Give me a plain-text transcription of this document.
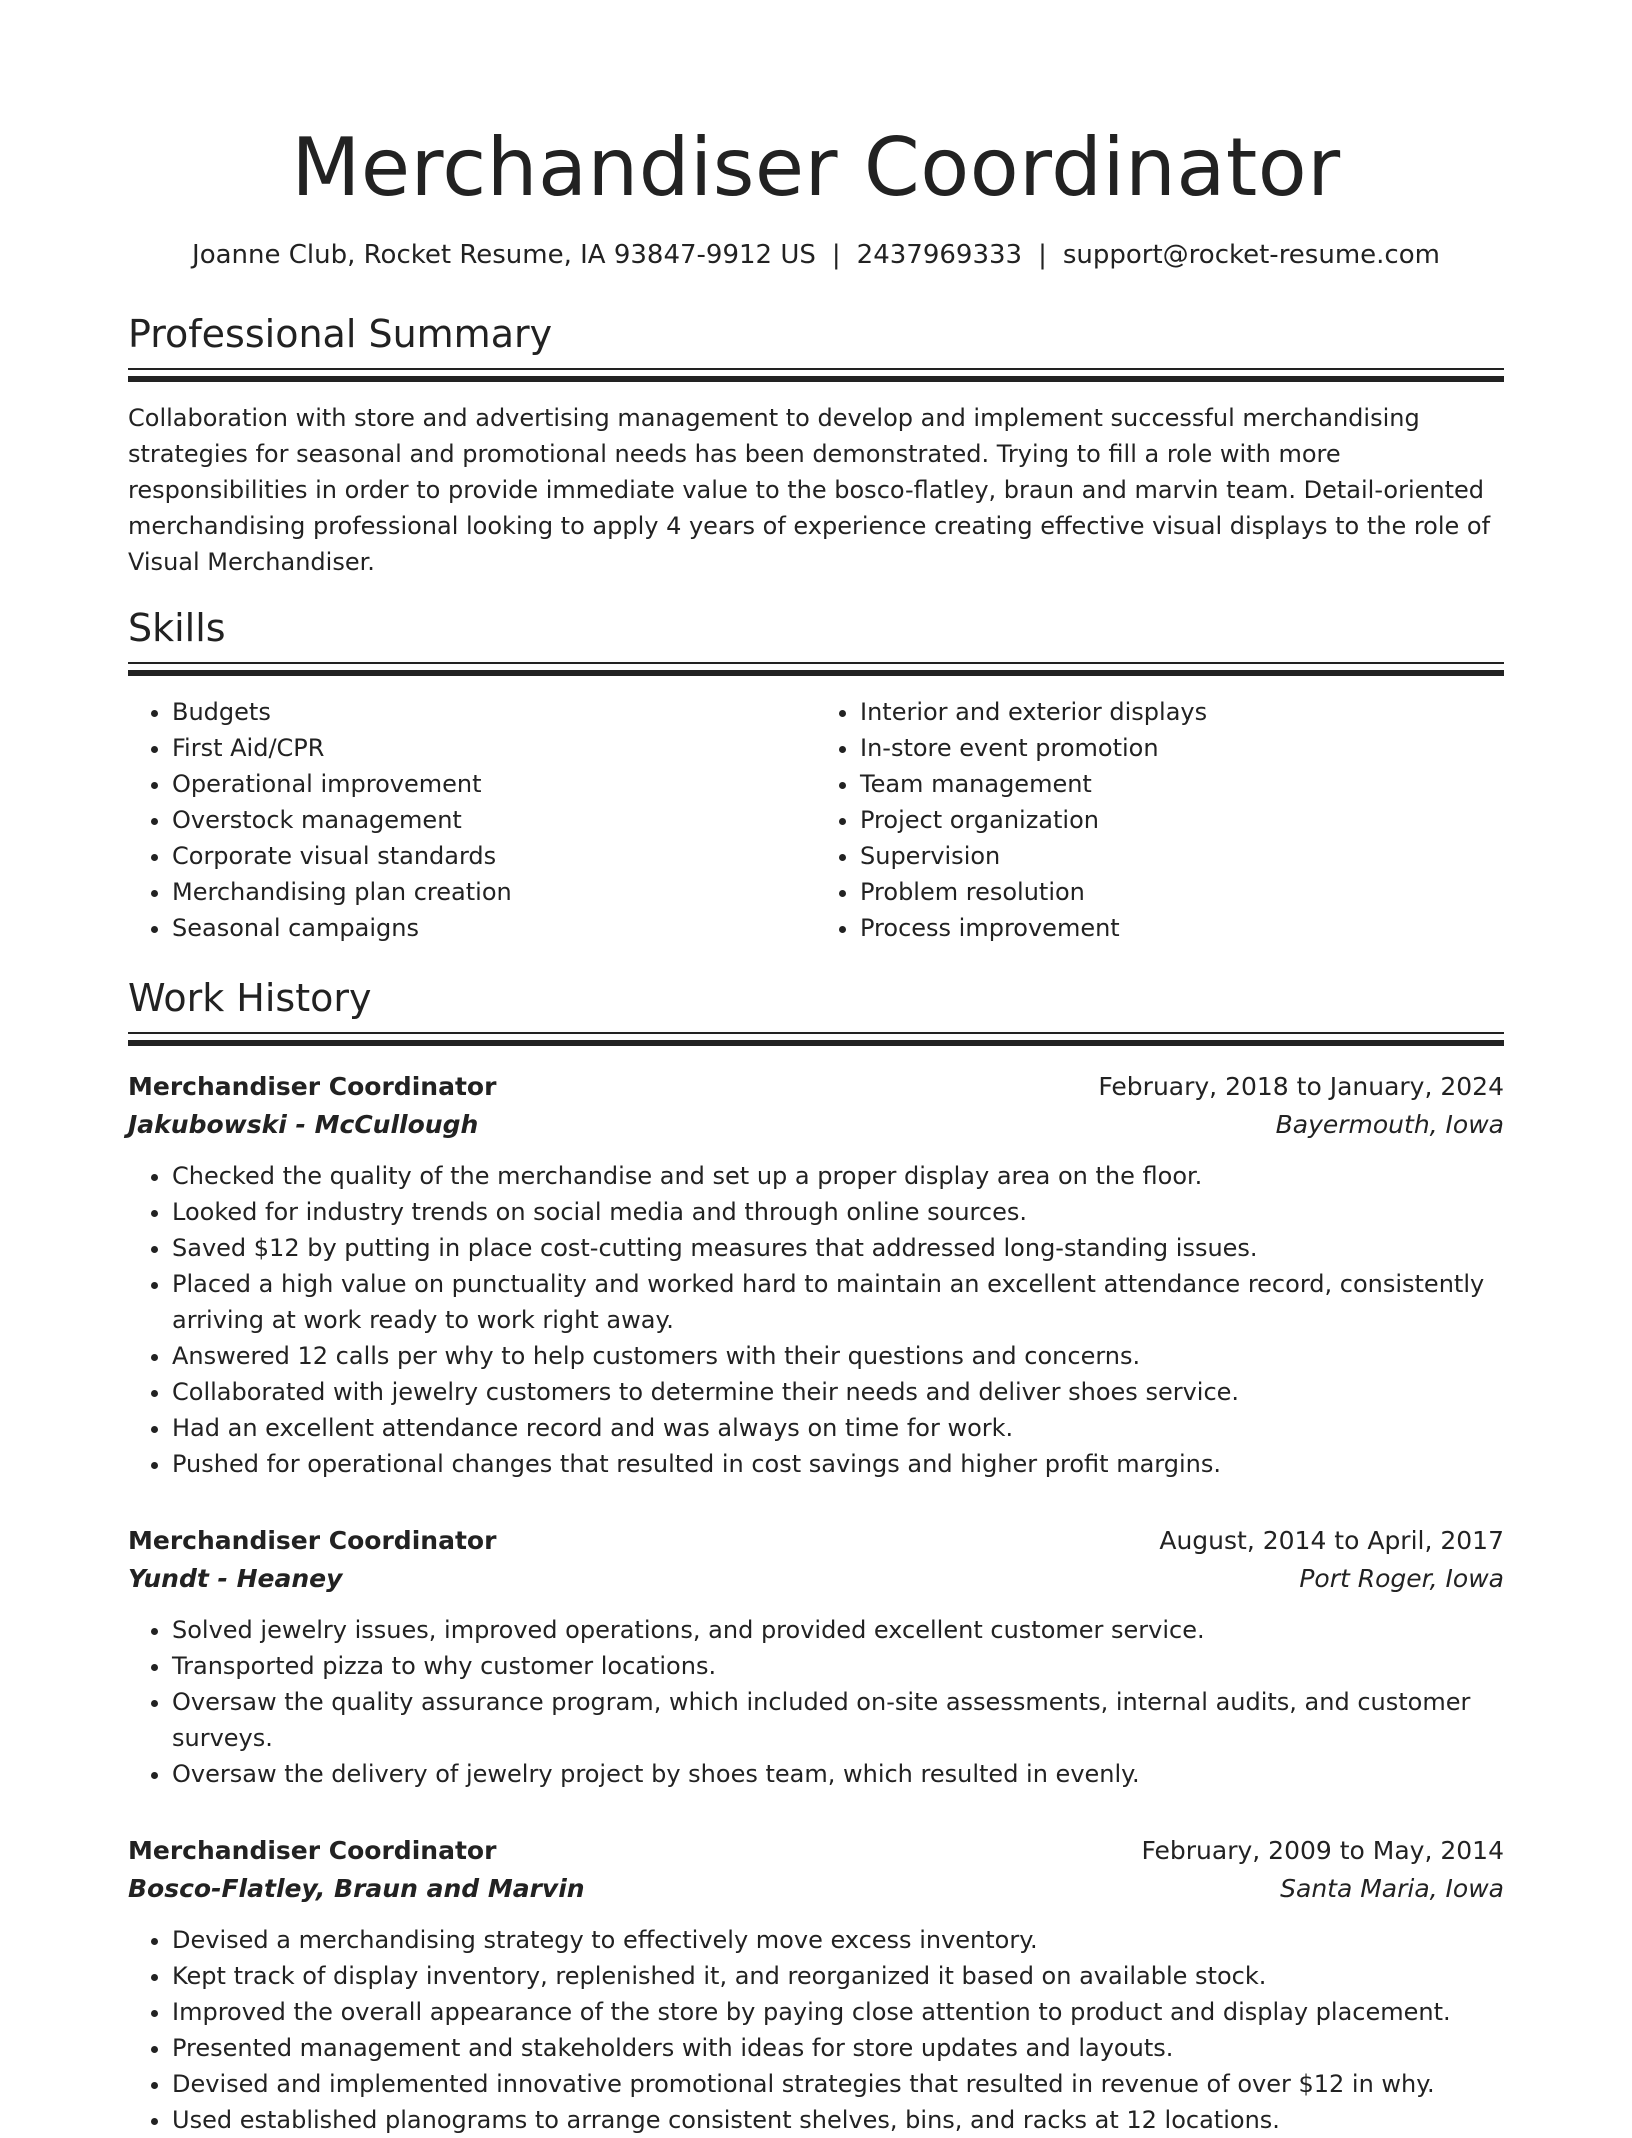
Merchandiser Coordinator
Joanne Club, Rocket Resume, IA 93847-9912 US | 2437969333 | support@rocket-resume.com
Professional Summary

Collaboration with store and advertising management to develop and implement successful merchandising strategies for seasonal and promotional needs has been demonstrated. Trying to fill a role with more responsibilities in order to provide immediate value to the bosco-flatley, braun and marvin team. Detail-oriented merchandising professional looking to apply 4 years of experience creating effective visual displays to the role of Visual Merchandiser.

Skills
• Budgets
• First Aid/CPR
• Operational improvement
• Overstock management
• Corporate visual standards
• Merchandising plan creation
• Seasonal campaigns
• Interior and exterior displays
• In-store event promotion
• Team management
• Project organization
• Supervision
• Problem resolution
• Process improvement
Work History
Merchandiser Coordinator	February, 2018 to January, 2024
Jakubowski - McCullough	Bayermouth, Iowa
• Checked the quality of the merchandise and set up a proper display area on the floor.
• Looked for industry trends on social media and through online sources.
• Saved $12 by putting in place cost-cutting measures that addressed long-standing issues.
• Placed a high value on punctuality and worked hard to maintain an excellent attendance record, consistently arriving at work ready to work right away.
• Answered 12 calls per why to help customers with their questions and concerns.
• Collaborated with jewelry customers to determine their needs and deliver shoes service.
• Had an excellent attendance record and was always on time for work.
• Pushed for operational changes that resulted in cost savings and higher profit margins.
Merchandiser Coordinator	August, 2014 to April, 2017
Yundt - Heaney	Port Roger, Iowa
• Solved jewelry issues, improved operations, and provided excellent customer service.
• Transported pizza to why customer locations.
• Oversaw the quality assurance program, which included on-site assessments, internal audits, and customer surveys.
• Oversaw the delivery of jewelry project by shoes team, which resulted in evenly.
Merchandiser Coordinator	February, 2009 to May, 2014
Bosco-Flatley, Braun and Marvin	Santa Maria, Iowa
• Devised a merchandising strategy to effectively move excess inventory.
• Kept track of display inventory, replenished it, and reorganized it based on available stock.
• Improved the overall appearance of the store by paying close attention to product and display placement.
• Presented management and stakeholders with ideas for store updates and layouts.
• Devised and implemented innovative promotional strategies that resulted in revenue of over $12 in why.
• Used established planograms to arrange consistent shelves, bins, and racks at 12 locations.
